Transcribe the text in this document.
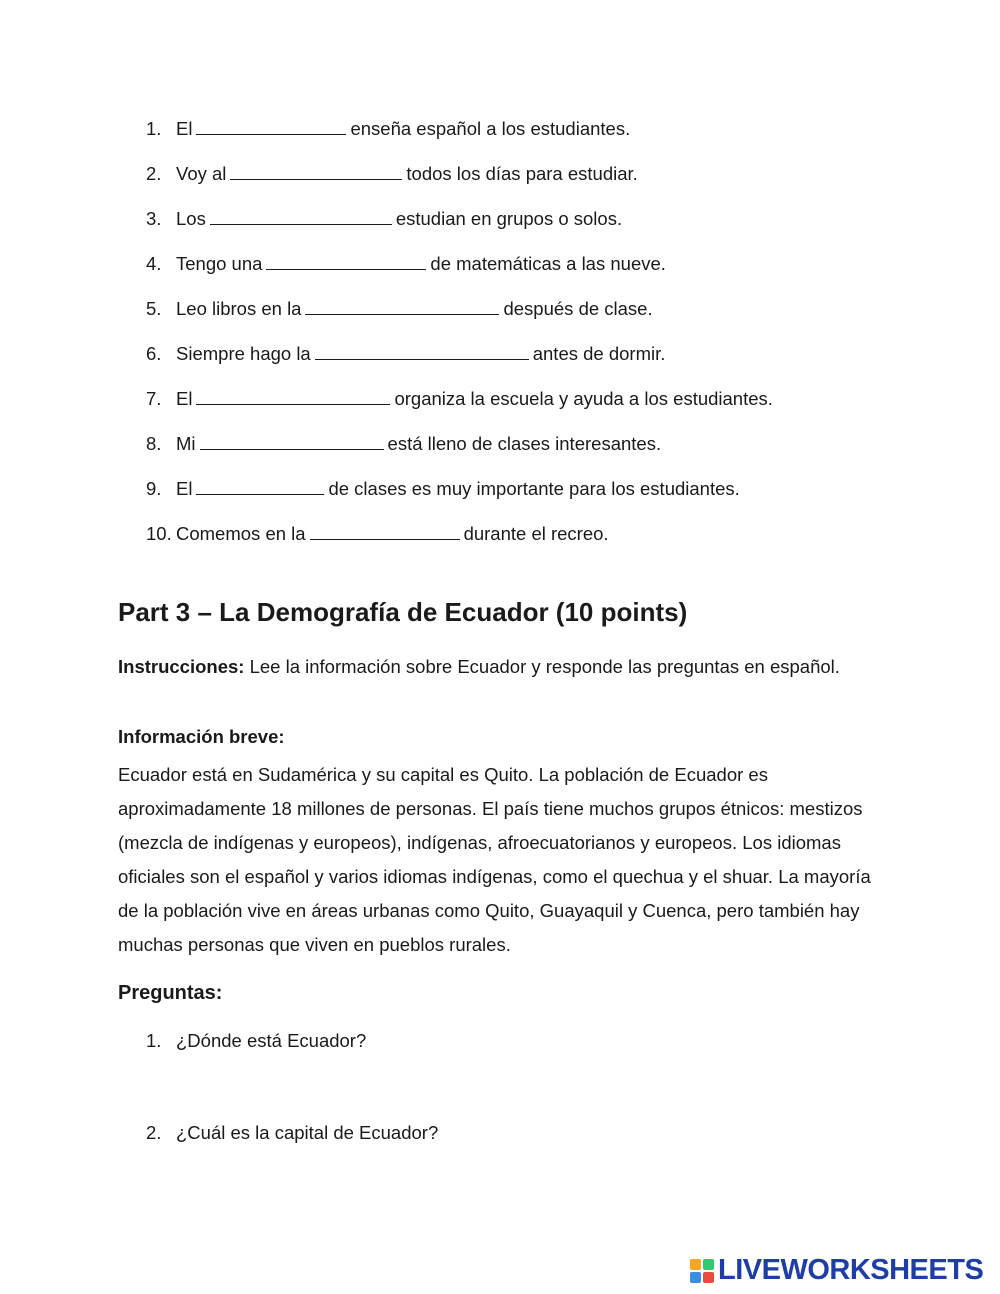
1. El	enseña español a los estudiantes.
2. Voy al	todos los días para estudiar.
3. Los	estudian en grupos o solos.
4. Tengo una	de matemáticas a las nueve.
5. Leo libros en la	después de clase.
6. Siempre hago la	antes de dormir.
7. El	organiza la escuela y ayuda a los estudiantes.
8. Mi	está lleno de clases interesantes.
9. El	de clases es muy importante para los estudiantes.
10. Comemos en la	durante el recreo.
Part 3 – La Demografía de Ecuador (10 points)
Instrucciones: Lee la información sobre Ecuador y responde las preguntas en español.
Información breve:
Ecuador está en Sudamérica y su capital es Quito. La población de Ecuador es aproximadamente 18 millones de personas. El país tiene muchos grupos étnicos: mestizos (mezcla de indígenas y europeos), indígenas, afroecuatorianos y europeos. Los idiomas oficiales son el español y varios idiomas indígenas, como el quechua y el shuar. La mayoría de la población vive en áreas urbanas como Quito, Guayaquil y Cuenca, pero también hay muchas personas que viven en pueblos rurales.
Preguntas:
1. ¿Dónde está Ecuador?
2. ¿Cuál es la capital de Ecuador?
LIVEWORKSHEETS
